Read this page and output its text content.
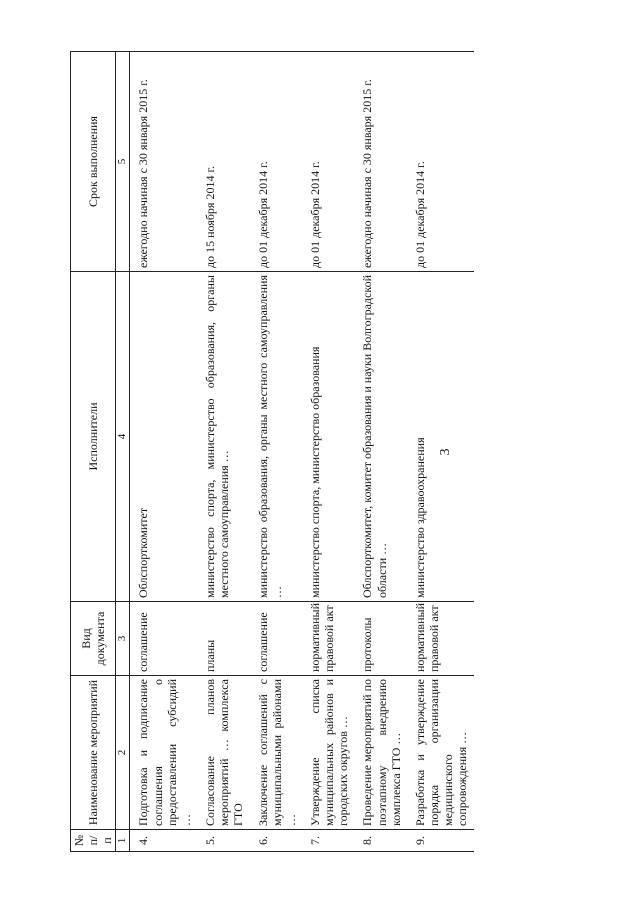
№ п/п	Наименование мероприятий	Вид документа	Исполнители	Срок выполнения
1	2	3	4	5
4.	Подготовка и подписание соглашения о предоставлении субсидий …	соглашение	Облспорткомитет	ежегодно начиная с 30 января 2015 г.
5.	Согласование планов мероприятий … комплекса ГТО	планы	министерство спорта, министерство образования, органы местного самоуправления …	до 15 ноября 2014 г.
6.	Заключение соглашений с муниципальными районами …	соглашение	министерство образования, органы местного самоуправления …	до 01 декабря 2014 г.
7.	Утверждение списка муниципальных районов и городских округов …	нормативный правовой акт	министерство спорта, министерство образования	до 01 декабря 2014 г.
8.	Проведение мероприятий по поэтапному внедрению комплекса ГТО …	протоколы	Облспорткомитет, комитет образования и науки Волгоградской области …	ежегодно начиная с 30 января 2015 г.
9.	Разработка и утверждение порядка организации медицинского сопровождения …	нормативный правовой акт	министерство здравоохранения	до 01 декабря 2014 г.
3
